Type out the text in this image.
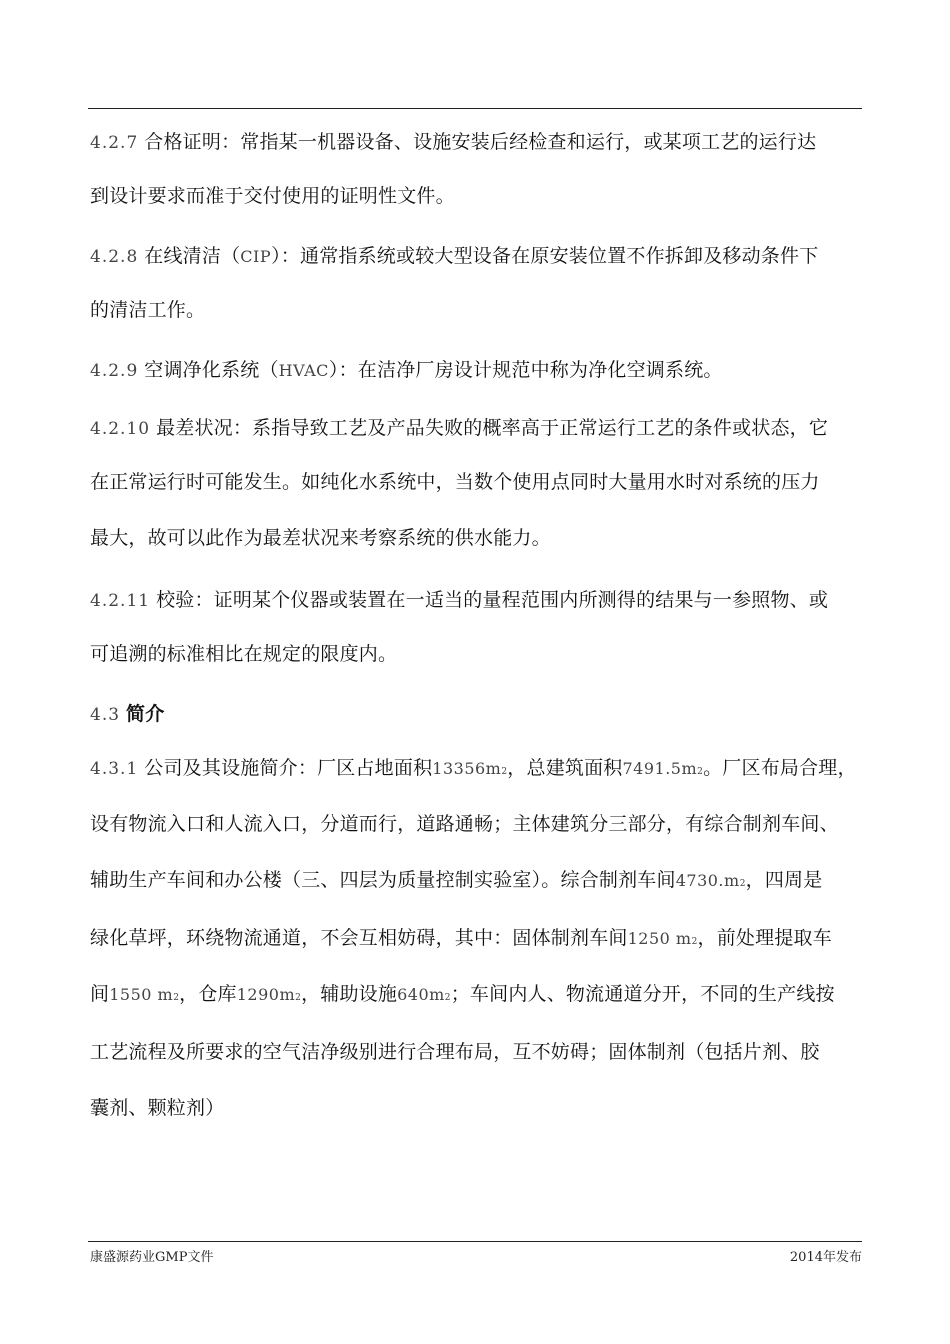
4.2.7 合格证明：常指某一机器设备、设施安装后经检查和运行，或某项工艺的运行达
到设计要求而准于交付使用的证明性文件。
4.2.8 在线清洁（CIP）：通常指系统或较大型设备在原安装位置不作拆卸及移动条件下
的清洁工作。
4.2.9 空调净化系统（HVAC）：在洁净厂房设计规范中称为净化空调系统。
4.2.10 最差状况：系指导致工艺及产品失败的概率高于正常运行工艺的条件或状态，它
在正常运行时可能发生。如纯化水系统中，当数个使用点同时大量用水时对系统的压力
最大，故可以此作为最差状况来考察系统的供水能力。
4.2.11 校验：证明某个仪器或装置在一适当的量程范围内所测得的结果与一参照物、或
可追溯的标准相比在规定的限度内。
4.3 简介
4.3.1 公司及其设施简介：厂区占地面积13356m2，总建筑面积7491.5m2。厂区布局合理，
设有物流入口和人流入口，分道而行，道路通畅；主体建筑分三部分，有综合制剂车间、
辅助生产车间和办公楼（三、四层为质量控制实验室）。综合制剂车间4730.m2，四周是
绿化草坪，环绕物流通道，不会互相妨碍，其中：固体制剂车间1250 m2，前处理提取车
间1550 m2，仓库1290m2，辅助设施640m2；车间内人、物流通道分开，不同的生产线按
工艺流程及所要求的空气洁净级别进行合理布局，互不妨碍；固体制剂（包括片剂、胶
囊剂、颗粒剂）
康盛源药业GMP文件	2014年发布
